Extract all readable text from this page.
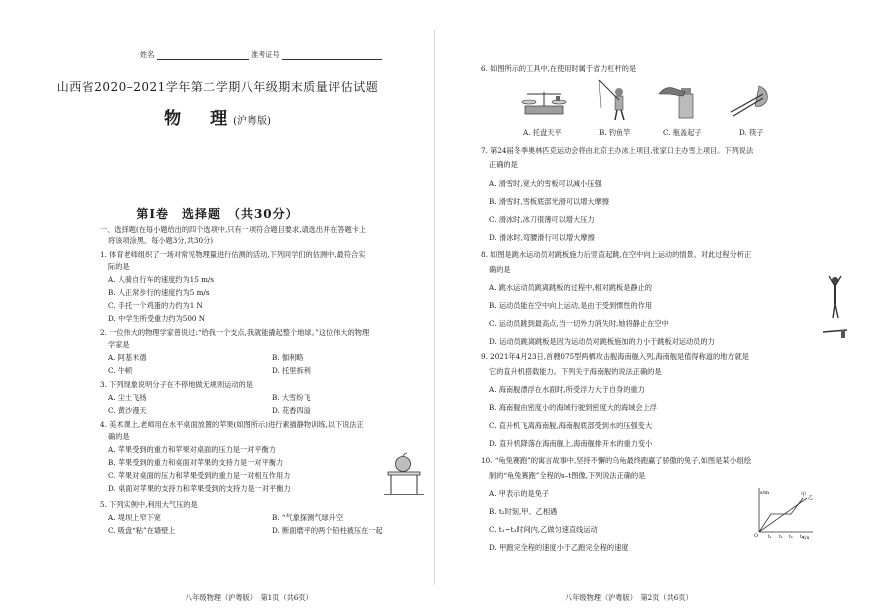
姓名	准考证号
山西省2020–2021学年第二学期八年级期末质量评估试题
物　理(沪粤版)
第Ⅰ卷　选择题　（共30分）
一、选择题(在每小题给出的四个选项中,只有一项符合题目要求,请选出并在答题卡上
将该项涂黑。每小题3分,共30分)
1. 体育老师组织了一场对常见物理量进行估测的活动,下列同学们的估测中,最符合实
际的是
A. 人骑自行车的速度约为15 m/s
B. 人正常步行的速度约为5 m/s
C. 手托一个鸡蛋的力约为1 N
D. 中学生所受重力约为500 N
2. 一位伟大的物理学家曾说过:“给我一个支点,我就能撬起整个地球。”这位伟大的物理
学家是
A. 阿基米德	B. 伽利略
C. 牛顿	D. 托里拆利
3. 下列现象说明分子在不停地做无规则运动的是
A. 尘土飞扬	B. 大雪纷飞
C. 黄沙漫天	D. 花香四溢
4. 美术课上,老师用在水平桌面放置的苹果(如图所示)进行素描静物训练,以下说法正
确的是
A. 苹果受到的重力和苹果对桌面的压力是一对平衡力
B. 苹果受到的重力和桌面对苹果的支持力是一对平衡力
C. 苹果对桌面的压力和苹果受到的重力是一对相互作用力
D. 桌面对苹果的支持力和苹果受到的支持力是一对平衡力
5. 下列实例中,利用大气压的是
A. 堤坝上窄下宽	B. “气象探测气球升空
C. 吸盘“粘”在墙壁上	D. 断面磨平的两个铅柱被压在一起
八年级物理（沪粤版）　第1页（共6页）
6. 如图所示的工具中,在使用时属于省力杠杆的是
A. 托盘天平	B. 钓鱼竿	C. 瓶盖起子	D. 筷子
7. 第24届冬季奥林匹克运动会将由北京主办冰上项目,张家口主办雪上项目。下列说法
正确的是
A. 滑雪时,宽大的雪板可以减小压强
B. 滑雪时,雪板底部光滑可以增大摩擦
C. 滑冰时,冰刀很薄可以增大压力
D. 滑冰时,弯腰滑行可以增大摩擦
8. 如图是跳水运动员对跳板施力后竖直起跳,在空中向上运动的情景。对此过程分析正
确的是
A. 跳水运动员跳离跳板的过程中,相对跳板是静止的
B. 运动员能在空中向上运动,是由于受到惯性的作用
C. 运动员跳到最高点,当一切外力消失时,她将静止在空中
D. 运动员跳离跳板是因为运动员对跳板施加的力小于跳板对运动员的力
9. 2021年4月23日,首艘075型两栖攻击舰海南舰入列,海南舰是值得称道的地方就是
它的直升机搭载能力。下列关于海南舰的说法正确的是
A. 海南舰漂浮在水面时,所受浮力大于自身的重力
B. 海南舰由密度小的海域行驶到密度大的海域会上浮
C. 直升机飞离海南舰,海南舰底部受到水的压强变大
D. 直升机降落在海南舰上,海南舰排开水的重力变小
10. “龟兔赛跑”的寓言故事中,坚持不懈的乌龟最终跑赢了骄傲的兔子,如图是某小组绘
制的“龟兔赛跑”全程的s–t图像,下列说法正确的是
A. 甲表示的是兔子
B. t₂时刻,甲、乙相遇
C. t₁~t₃时间内,乙做匀速直线运动
D. 甲跑完全程的速度小于乙跑完全程的速度
s/m
t/s
O
甲 乙
t₁ t₂ t₃ t₄
八年级物理（沪粤版）　第2页（共6页）
